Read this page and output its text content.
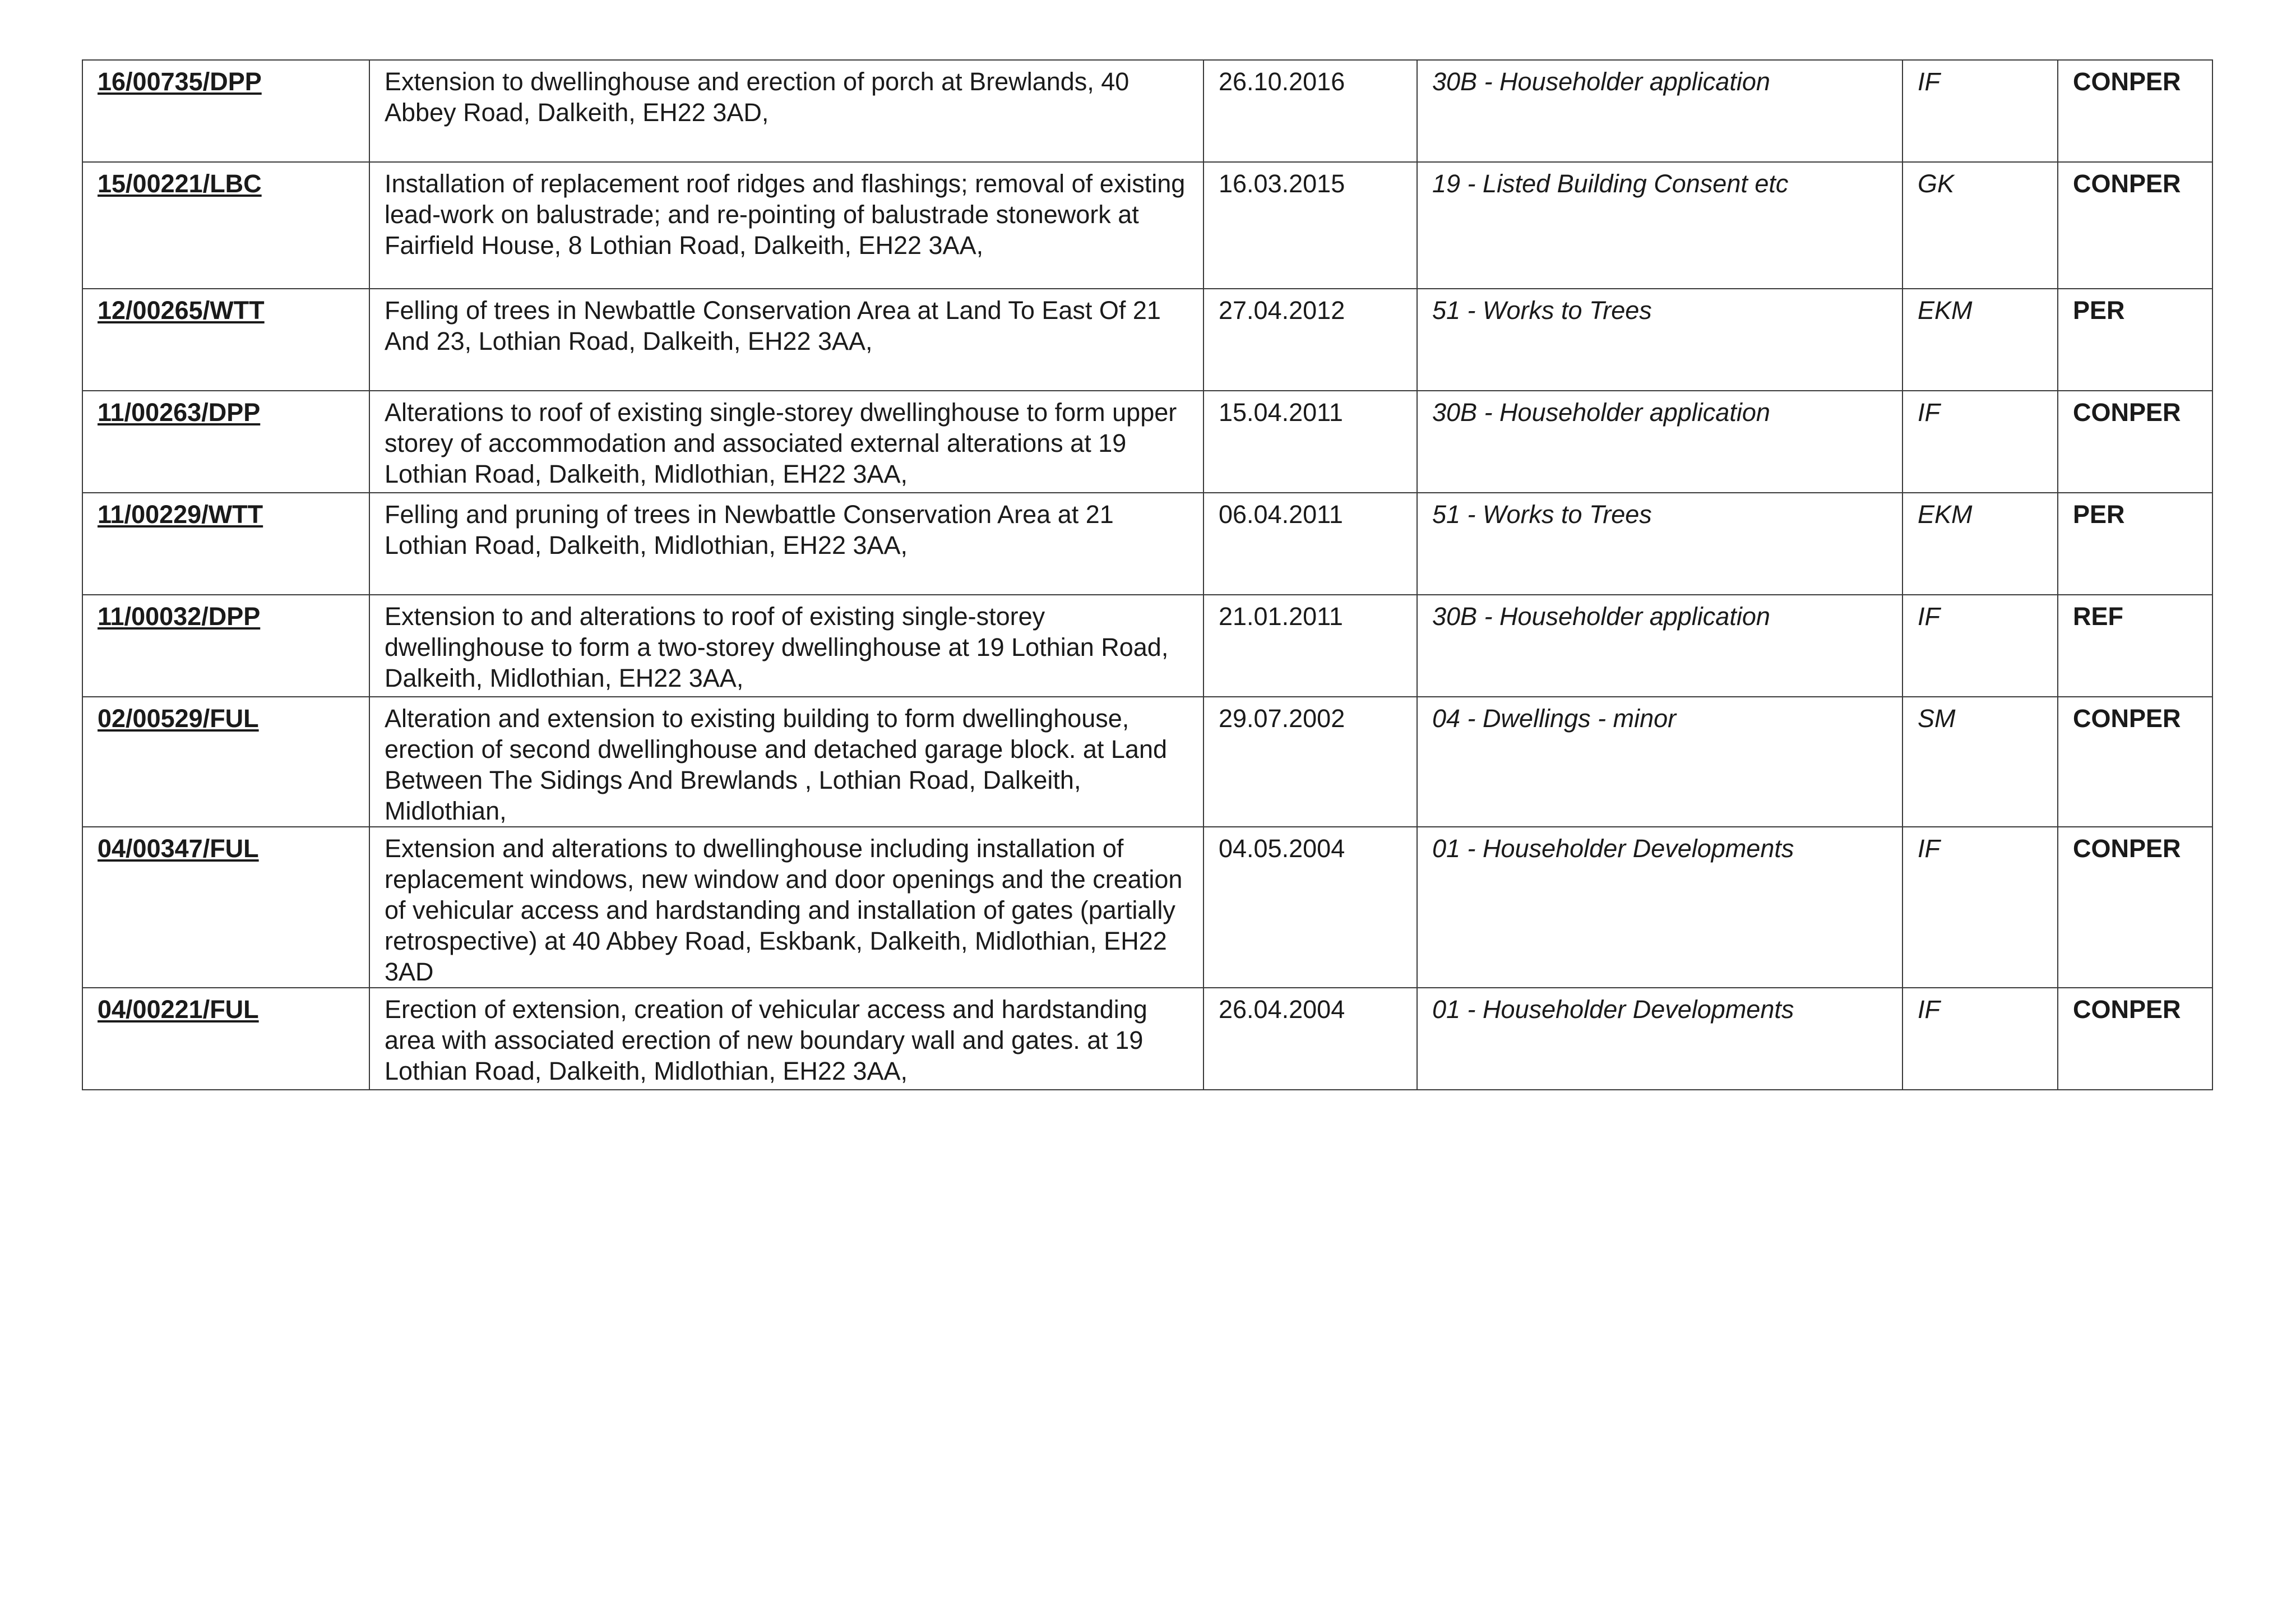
16/00735/DPP	Extension to dwellinghouse and erection of porch at Brewlands, 40 Abbey Road, Dalkeith, EH22 3AD,	26.10.2016	30B - Householder application	IF	CONPER
15/00221/LBC	Installation of replacement roof ridges and flashings; removal of existing lead-work on balustrade; and re-pointing of balustrade stonework at Fairfield House, 8 Lothian Road, Dalkeith, EH22 3AA,	16.03.2015	19 - Listed Building Consent etc	GK	CONPER
12/00265/WTT	Felling of trees in Newbattle Conservation Area at Land To East Of 21 And 23, Lothian Road, Dalkeith, EH22 3AA,	27.04.2012	51 - Works to Trees	EKM	PER
11/00263/DPP	Alterations to roof of existing single-storey dwellinghouse to form upper storey of accommodation and associated external alterations at 19 Lothian Road, Dalkeith, Midlothian, EH22 3AA,	15.04.2011	30B - Householder application	IF	CONPER
11/00229/WTT	Felling and pruning of trees in Newbattle Conservation Area at 21 Lothian Road, Dalkeith, Midlothian, EH22 3AA,	06.04.2011	51 - Works to Trees	EKM	PER
11/00032/DPP	Extension to and alterations to roof of existing single-storey dwellinghouse to form a two-storey dwellinghouse at 19 Lothian Road, Dalkeith, Midlothian, EH22 3AA,	21.01.2011	30B - Householder application	IF	REF
02/00529/FUL	Alteration and extension to existing building to form dwellinghouse, erection of second dwellinghouse and detached garage block. at Land Between The Sidings And Brewlands , Lothian Road, Dalkeith, Midlothian,	29.07.2002	04 - Dwellings - minor	SM	CONPER
04/00347/FUL	Extension and alterations to dwellinghouse including installation of replacement windows, new window and door openings and the creation of vehicular access and hardstanding and installation of gates (partially retrospective) at 40 Abbey Road, Eskbank, Dalkeith, Midlothian, EH22 3AD	04.05.2004	01 - Householder Developments	IF	CONPER
04/00221/FUL	Erection of extension, creation of vehicular access and hardstanding area with associated erection of new boundary wall and gates. at 19 Lothian Road, Dalkeith, Midlothian, EH22 3AA,	26.04.2004	01 - Householder Developments	IF	CONPER
